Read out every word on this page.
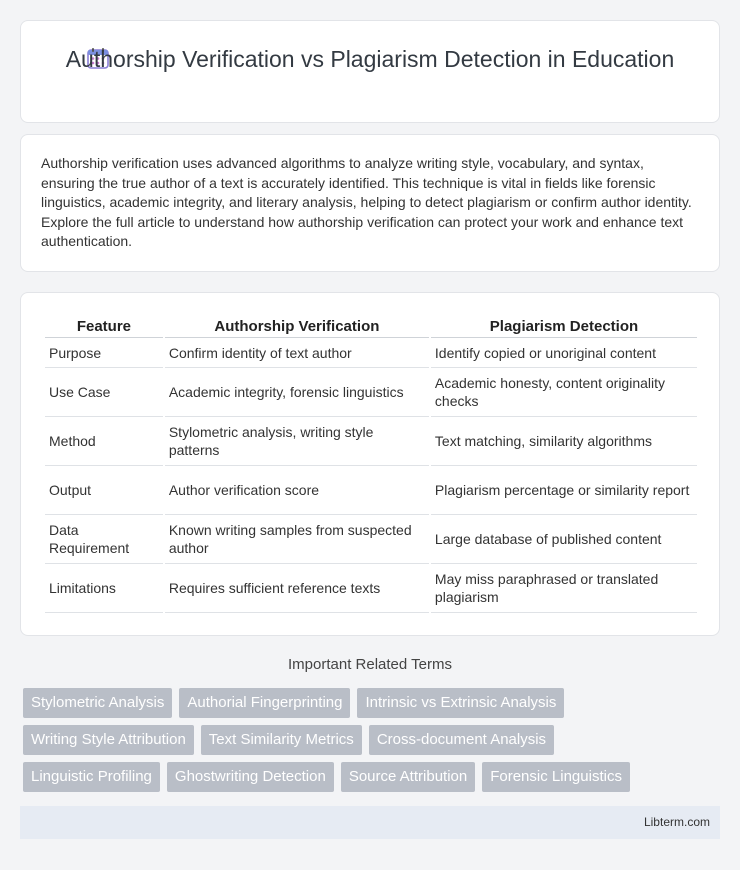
Authorship Verification vs Plagiarism Detection in Education

Authorship verification uses advanced algorithms to analyze writing style, vocabulary, and syntax, ensuring the true author of a text is accurately identified. This technique is vital in fields like forensic linguistics, academic integrity, and literary analysis, helping to detect plagiarism or confirm author identity. Explore the full article to understand how authorship verification can protect your work and enhance text authentication.

Feature	Authorship Verification	Plagiarism Detection
Purpose	Confirm identity of text author	Identify copied or unoriginal content
Use Case	Academic integrity, forensic linguistics	Academic honesty, content originality checks
Method	Stylometric analysis, writing style patterns	Text matching, similarity algorithms
Output	Author verification score	Plagiarism percentage or similarity report
Data Requirement	Known writing samples from suspected author	Large database of published content
Limitations	Requires sufficient reference texts	May miss paraphrased or translated plagiarism
Important Related Terms
Stylometric Analysis	Authorial Fingerprinting	Intrinsic vs Extrinsic Analysis
Writing Style Attribution	Text Similarity Metrics	Cross-document Analysis
Linguistic Profiling	Ghostwriting Detection	Source Attribution	Forensic Linguistics
Libterm.com
